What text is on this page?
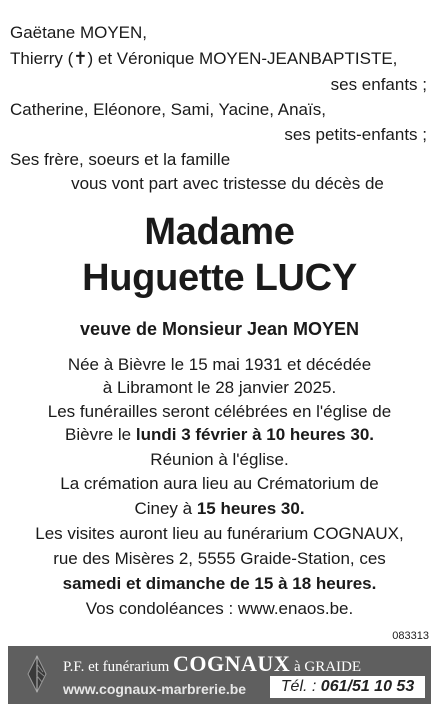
Gaëtane MOYEN,
Thierry (✝) et Véronique MOYEN-JEANBAPTISTE,
ses enfants ;
Catherine, Eléonore, Sami, Yacine, Anaïs,
ses petits-enfants ;
Ses frère, soeurs et la famille
vous vont part avec tristesse du décès de
Madame
Huguette LUCY
veuve de Monsieur Jean MOYEN
Née à Bièvre le 15 mai 1931 et décédée
à Libramont le 28 janvier 2025.
Les funérailles seront célébrées en l'église de
Bièvre le lundi 3 février à 10 heures 30.
Réunion à l'église.
La crémation aura lieu au Crématorium de
Ciney à 15 heures 30.
Les visites auront lieu au funérarium COGNAUX,
rue des Misères 2, 5555 Graide-Station, ces
samedi et dimanche de 15 à 18 heures.
Vos condoléances : www.enaos.be.
083313
P.F. et funérarium COGNAUX à GRAIDE
www.cognaux-marbrerie.be	Tél. : 061/51 10 53
